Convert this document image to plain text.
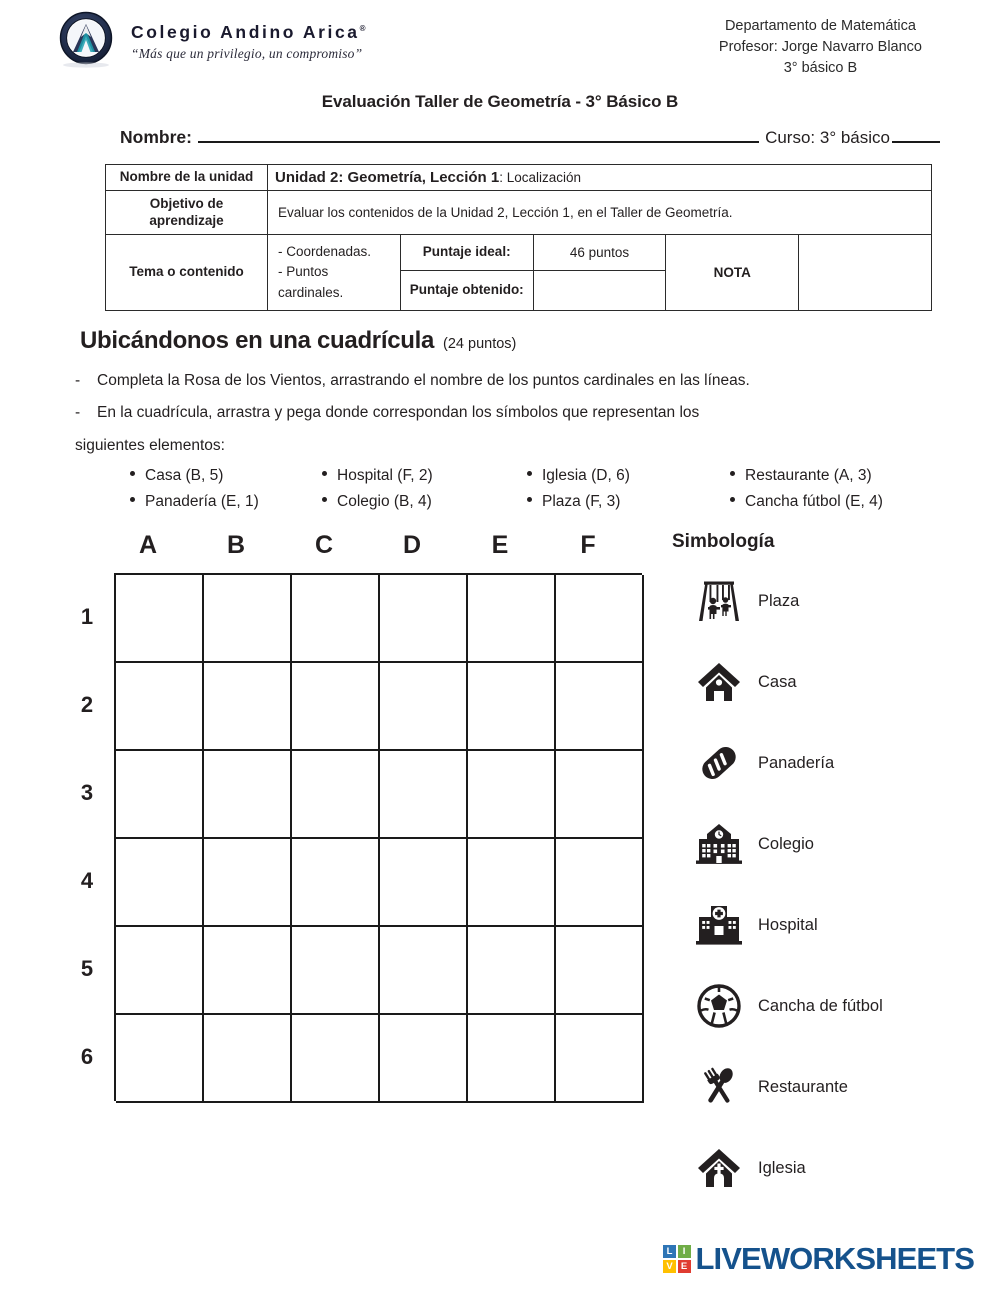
Colegio Andino Arica®
“Más que un privilegio, un compromiso”
Departamento de Matemática
Profesor: Jorge Navarro Blanco
3° básico B
Evaluación Taller de Geometría - 3° Básico B
Nombre:	Curso: 3° básico
Nombre de la unidad	Unidad 2: Geometría, Lección 1: Localización				
Objetivo de aprendizaje	Evaluar los contenidos de la Unidad 2, Lección 1, en el Taller de Geometría.				
Tema o contenido	- Coordenadas.
- Puntos cardinales.	Puntaje ideal:	46 puntos	NOTA	
		Puntaje obtenido:			
Ubicándonos en una cuadrícula (24 puntos)
-	Completa la Rosa de los Vientos, arrastrando el nombre de los puntos cardinales en las líneas.
-	En la cuadrícula, arrastra y pega donde correspondan los símbolos que representan los
siguientes elementos:
Casa (B, 5)	Hospital (F, 2)	Iglesia (D, 6)	Restaurante (A, 3)
Panadería (E, 1)	Colegio (B, 4)	Plaza (F, 3)	Cancha fútbol (E, 4)
A	B	C	D	E	F
1
2
3
4
5
6
Simbología
Plaza
Casa
Panadería
Colegio
Hospital
Cancha de fútbol
Restaurante
Iglesia
L	I
V E LIVEWORKSHEETS
